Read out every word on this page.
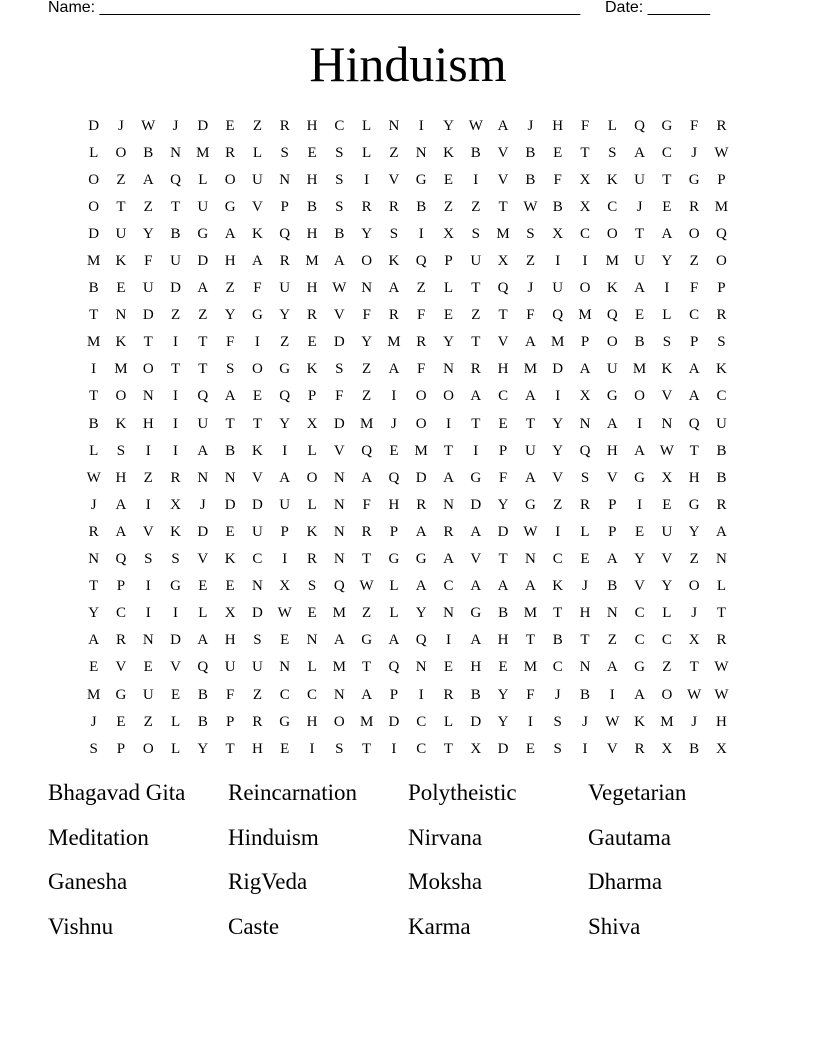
Name: ______________________________________________________ Date: _______
Hinduism
D	J	W	J	D	E	Z	R	H	C	L	N	I	Y W A	J	H	F	L	Q	G	F	R
L	O	B	N	M	R	L	S	E	S	L	Z	N	K	B	V	B	E	T	S	A	C	J	W
O	Z	A	Q	L	O	U	N	H	S	I	V	G	E	I	V	B	F	X	K	U	T	G	P
O	T	Z	T	U	G	V	P	B	S	R	R	B	Z	Z	T	W	B	X	C	J	E	R	M
D	U	Y	B	G	A	K	Q	H	B	Y	S	I	X	S	M	S	X	C	O	T	A	O	Q
M	K	F	U	D	H	A	R	M	A	O	K	Q	P	U	X	Z	I	I	M	U	Y	Z	O
B	E	U	D	A	Z	F	U	H W N	A	Z	L	T	Q	J	U	O	K	A	I	F	P
T	N	D	Z	Z	Y	G	Y	R	V	F	R	F	E	Z	T	F	Q	M	Q	E	L	C	R
M	K	T	I	T	F	I	Z	E	D	Y	M	R	Y	T	V	A	M	P	O	B	S	P	S
I	M	O	T	T	S	O	G	K	S	Z	A	F	N	R	H	M	D	A	U	M	K	A	K
T	O	N	I	Q	A	E	Q	P	F	Z	I	O	O	A	C	A	I	X	G	O	V	A	C
B	K	H	I	U	T	T	Y	X	D	M	J	O	I	T	E	T	Y	N	A	I	N	Q	U
L	S	I	I	A	B	K	I	L	V	Q	E	M	T	I	P	U	Y	Q	H	A W	T	B
W H	Z	R	N	N	V	A	O	N	A	Q	D	A	G	F	A	V	S	V	G	X	H	B
J	A	I	X	J	D	D	U	L	N	F	H	R	N	D	Y	G	Z	R	P	I	E	G	R
R	A	V	K	D	E	U	P	K	N	R	P	A	R	A	D W	I	L	P	E	U	Y	A
N	Q	S	S	V	K	C	I	R	N	T	G	G	A	V	T	N	C	E	A	Y	V	Z	N
T	P	I	G	E	E	N	X	S	Q W	L	A	C	A	A	A	K	J	B	V	Y	O	L
Y	C	I	I	L	X	D W	E	M	Z	L	Y	N	G	B	M	T	H	N	C	L	J	T
A	R	N	D	A	H	S	E	N	A	G	A	Q	I	A	H	T	B	T	Z	C	C	X	R
E	V	E	V	Q	U	U	N	L	M	T	Q	N	E	H	E	M	C	N	A	G	Z	T	W
M	G	U	E	B	F	Z	C	C	N	A	P	I	R	B	Y	F	J	B	I	A	O W W
J	E	Z	L	B	P	R	G	H	O	M	D	C	L	D	Y	I	S	J	W K	M	J	H
S	P	O	L	Y	T	H	E	I	S	T	I	C	T	X	D	E	S	I	V	R	X	B	X
Bhagavad Gita	Reincarnation	Polytheistic	Vegetarian
Meditation	Hinduism	Nirvana	Gautama
Ganesha	RigVeda	Moksha	Dharma
Vishnu	Caste	Karma	Shiva
